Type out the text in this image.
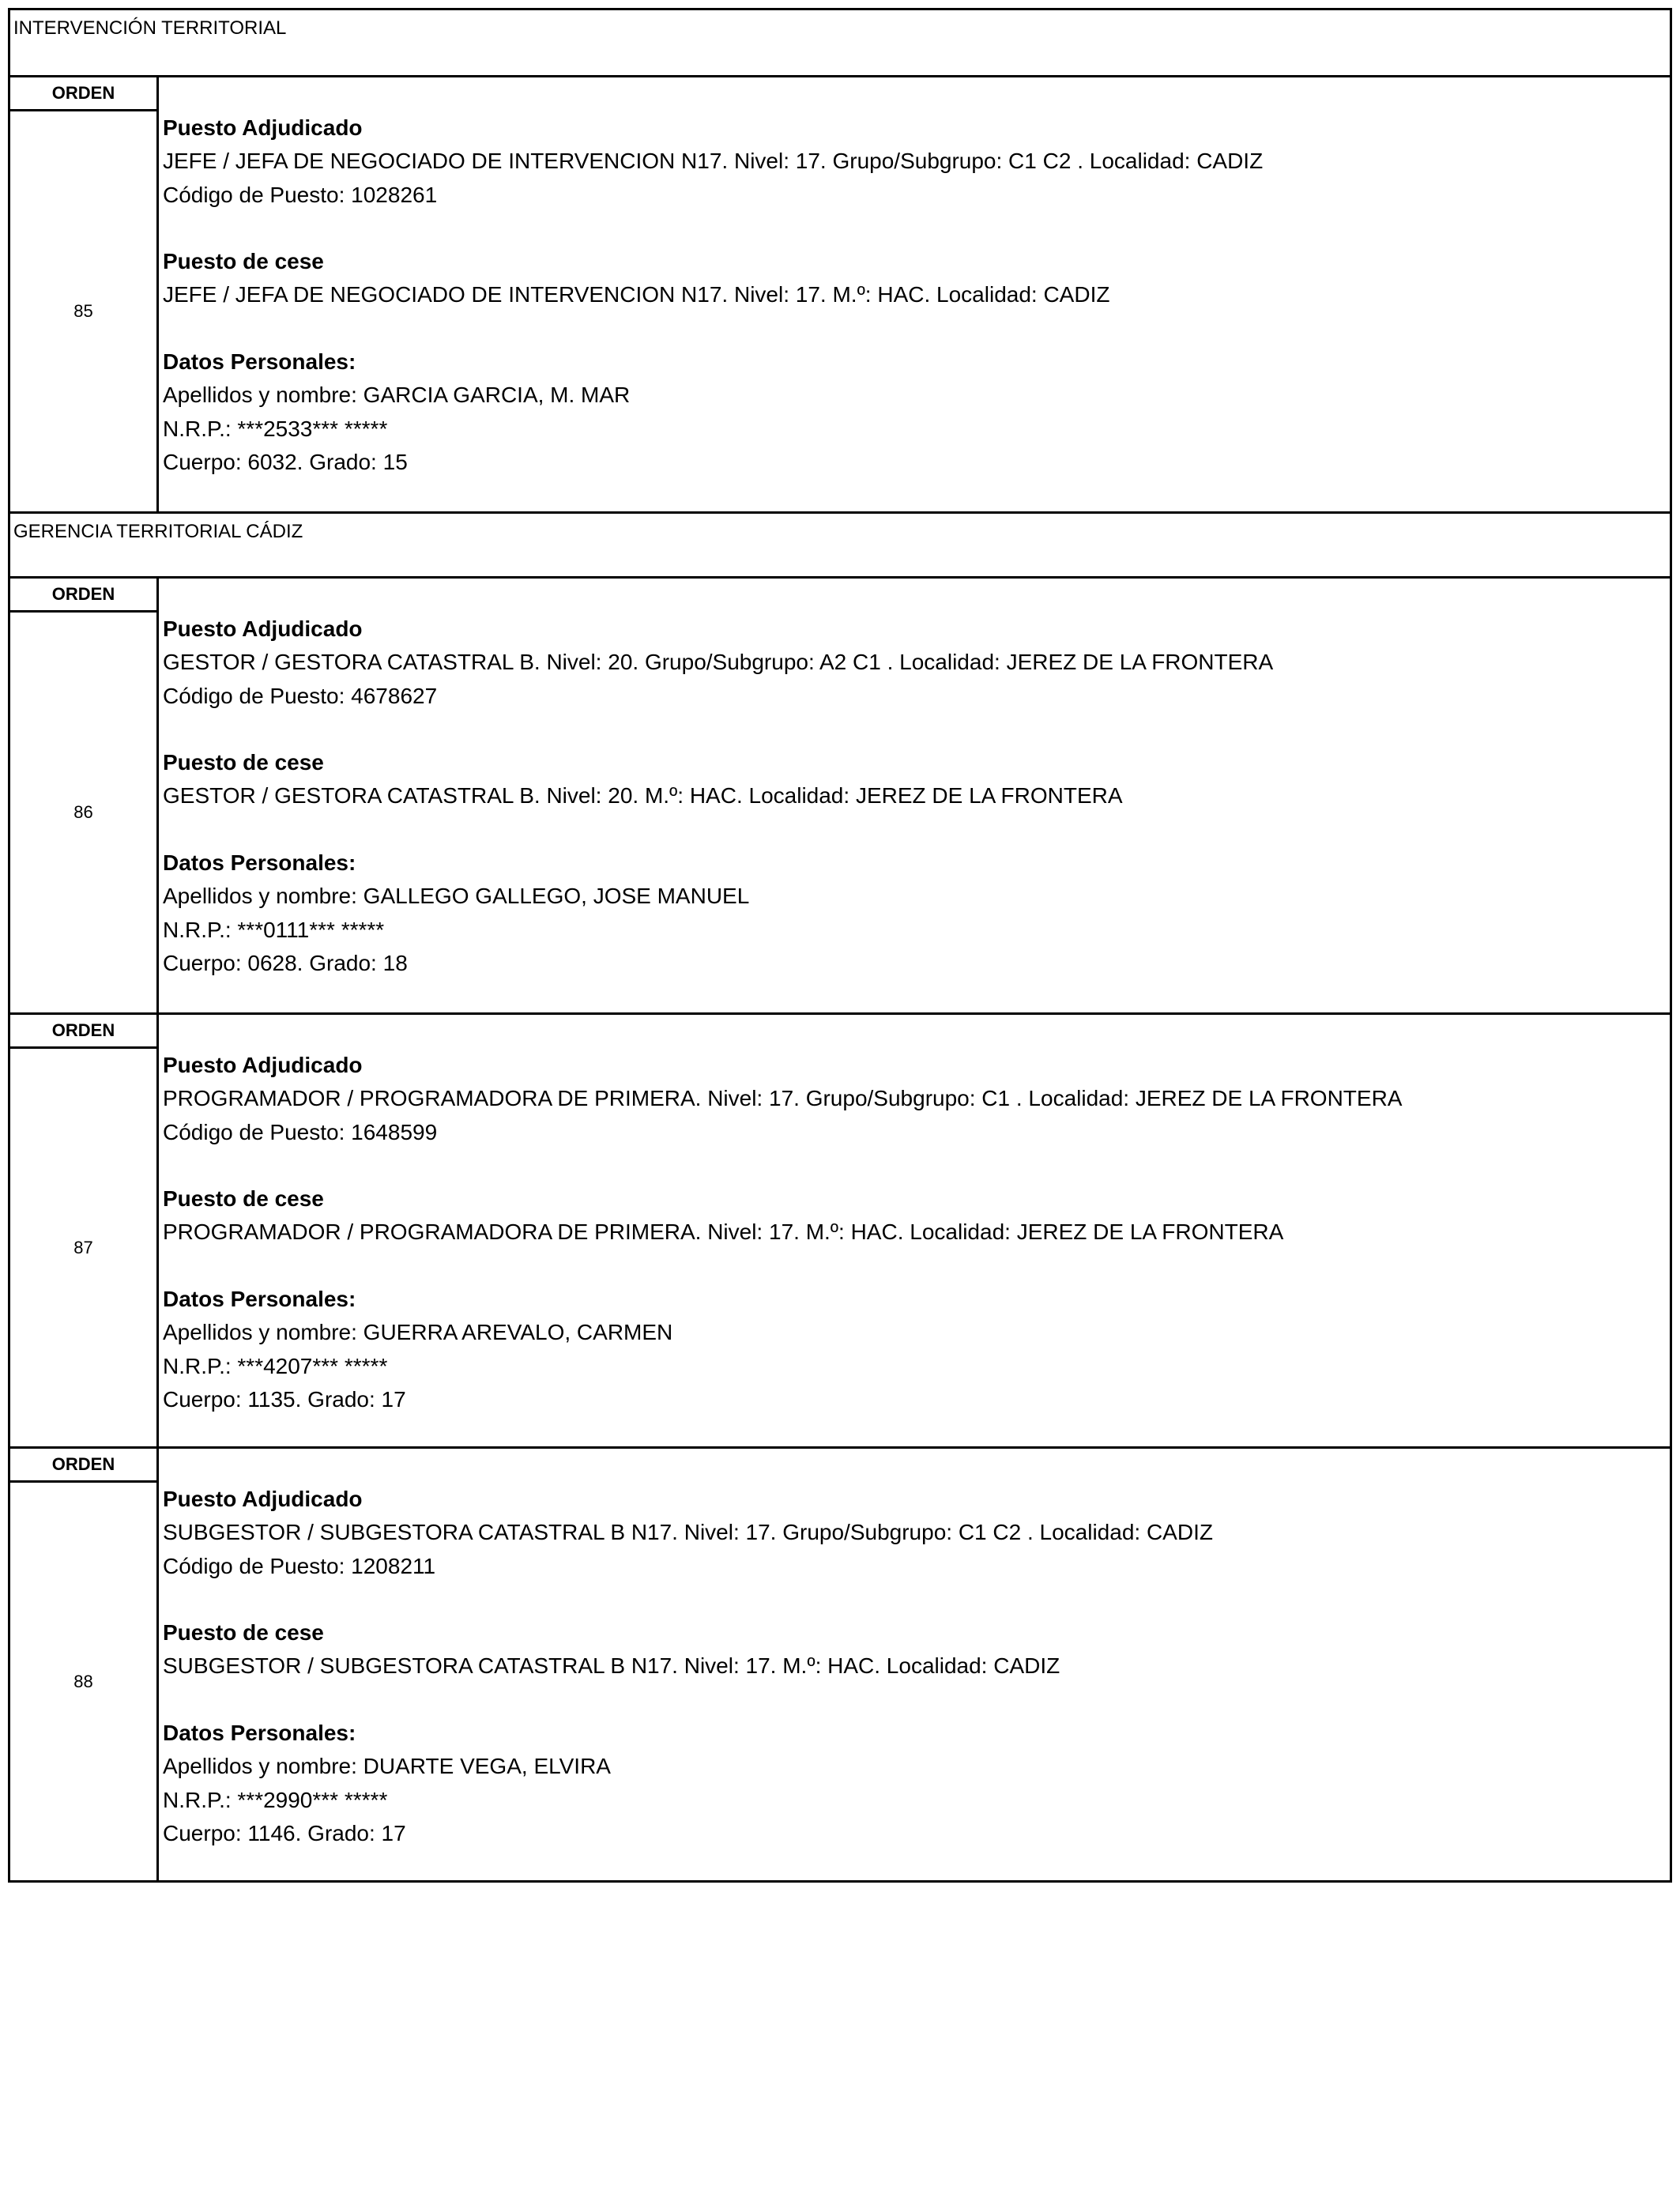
INTERVENCIÓN TERRITORIAL
ORDEN
85
Puesto Adjudicado
JEFE / JEFA DE NEGOCIADO DE INTERVENCION N17. Nivel: 17. Grupo/Subgrupo: C1 C2 . Localidad: CADIZ
Código de Puesto: 1028261
Puesto de cese
JEFE / JEFA DE NEGOCIADO DE INTERVENCION N17. Nivel: 17. M.º: HAC. Localidad: CADIZ
Datos Personales:
Apellidos y nombre: GARCIA GARCIA, M. MAR
N.R.P.: ***2533*** *****
Cuerpo: 6032. Grado: 15
GERENCIA TERRITORIAL CÁDIZ
ORDEN
86
Puesto Adjudicado
GESTOR / GESTORA CATASTRAL B. Nivel: 20. Grupo/Subgrupo: A2 C1 . Localidad: JEREZ DE LA FRONTERA
Código de Puesto: 4678627
Puesto de cese
GESTOR / GESTORA CATASTRAL B. Nivel: 20. M.º: HAC. Localidad: JEREZ DE LA FRONTERA
Datos Personales:
Apellidos y nombre: GALLEGO GALLEGO, JOSE MANUEL
N.R.P.: ***0111*** *****
Cuerpo: 0628. Grado: 18
ORDEN
87
Puesto Adjudicado
PROGRAMADOR / PROGRAMADORA DE PRIMERA. Nivel: 17. Grupo/Subgrupo: C1 . Localidad: JEREZ DE LA FRONTERA
Código de Puesto: 1648599
Puesto de cese
PROGRAMADOR / PROGRAMADORA DE PRIMERA. Nivel: 17. M.º: HAC. Localidad: JEREZ DE LA FRONTERA
Datos Personales:
Apellidos y nombre: GUERRA AREVALO, CARMEN
N.R.P.: ***4207*** *****
Cuerpo: 1135. Grado: 17
ORDEN
88
Puesto Adjudicado
SUBGESTOR / SUBGESTORA CATASTRAL B N17. Nivel: 17. Grupo/Subgrupo: C1 C2 . Localidad: CADIZ
Código de Puesto: 1208211
Puesto de cese
SUBGESTOR / SUBGESTORA CATASTRAL B N17. Nivel: 17. M.º: HAC. Localidad: CADIZ
Datos Personales:
Apellidos y nombre: DUARTE VEGA, ELVIRA
N.R.P.: ***2990*** *****
Cuerpo: 1146. Grado: 17
